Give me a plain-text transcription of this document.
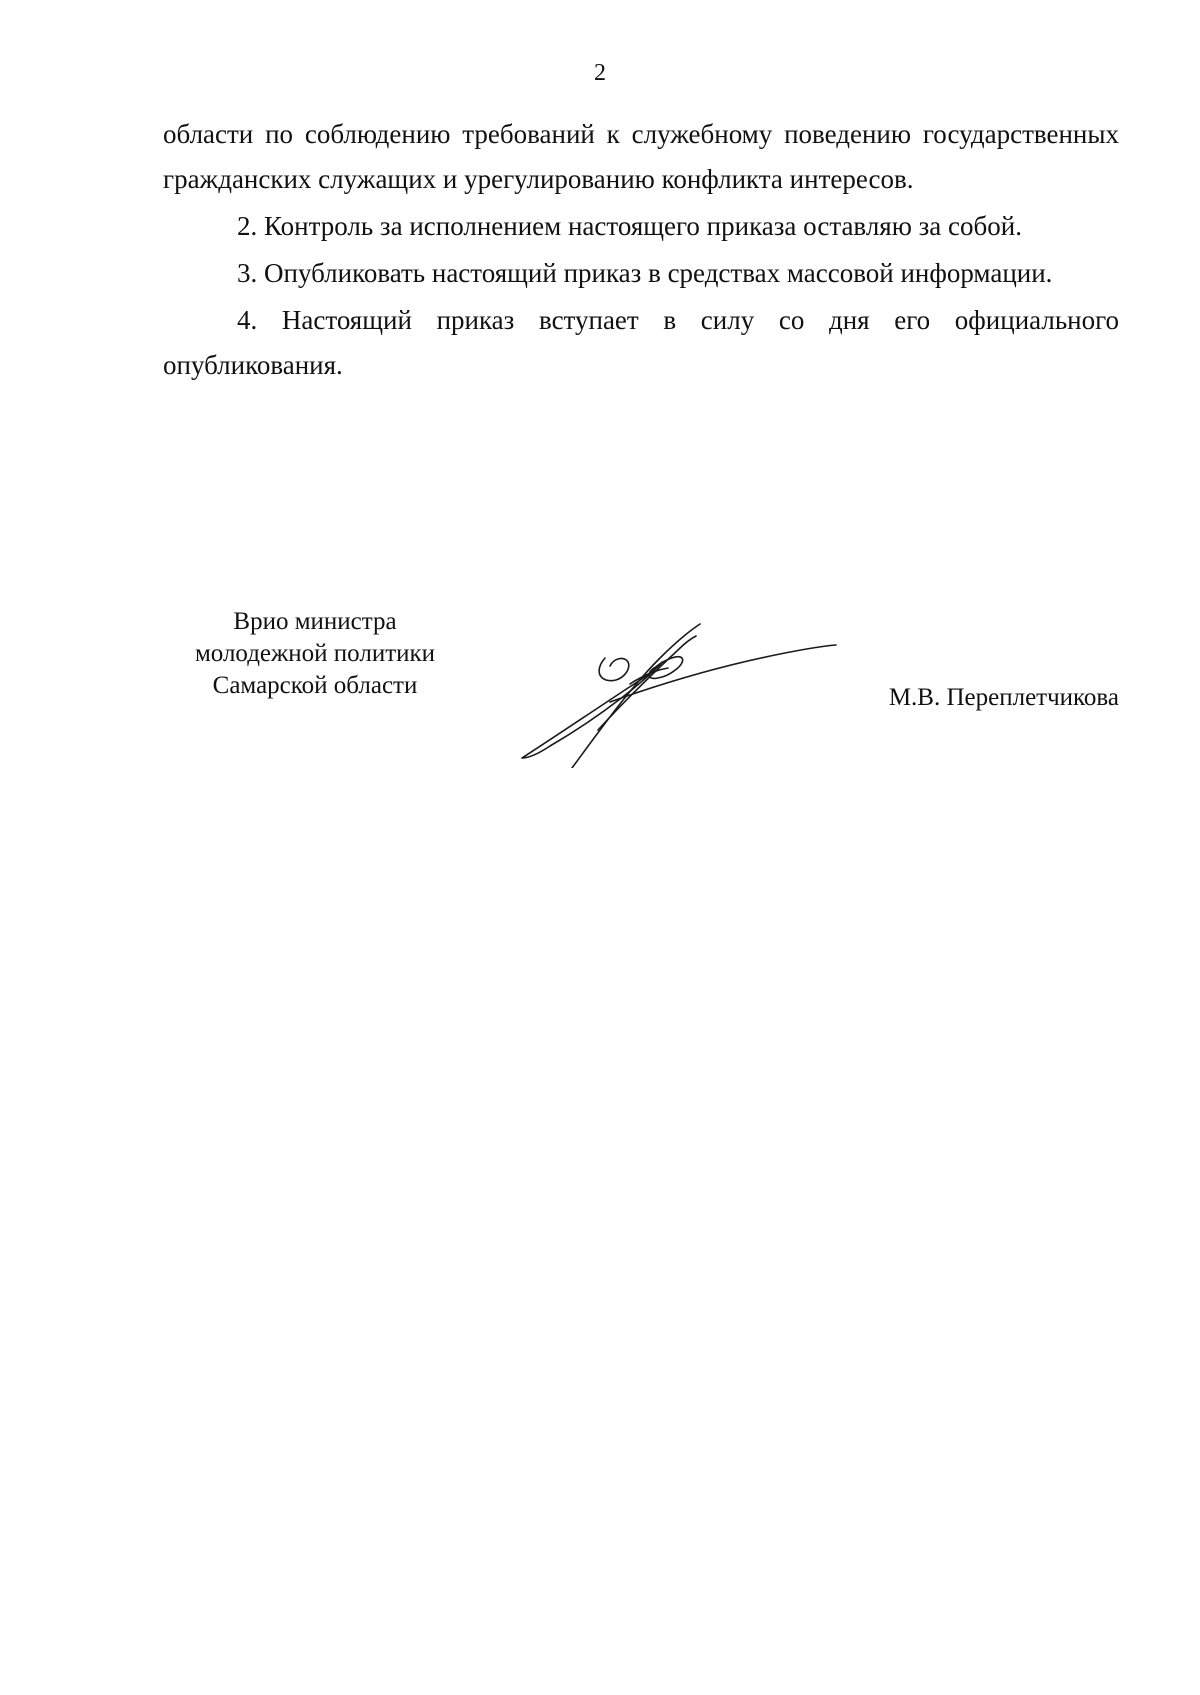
2

области по соблюдению требований к служебному поведению государственных гражданских служащих и урегулированию конфликта интересов.

2. Контроль за исполнением настоящего приказа оставляю за собой.

3. Опубликовать настоящий приказ в средствах массовой информации.

4. Настоящий приказ вступает в силу со дня его официального опубликования.

Врио министра
молодежной политики
Самарской области	М.В. Переплетчикова
